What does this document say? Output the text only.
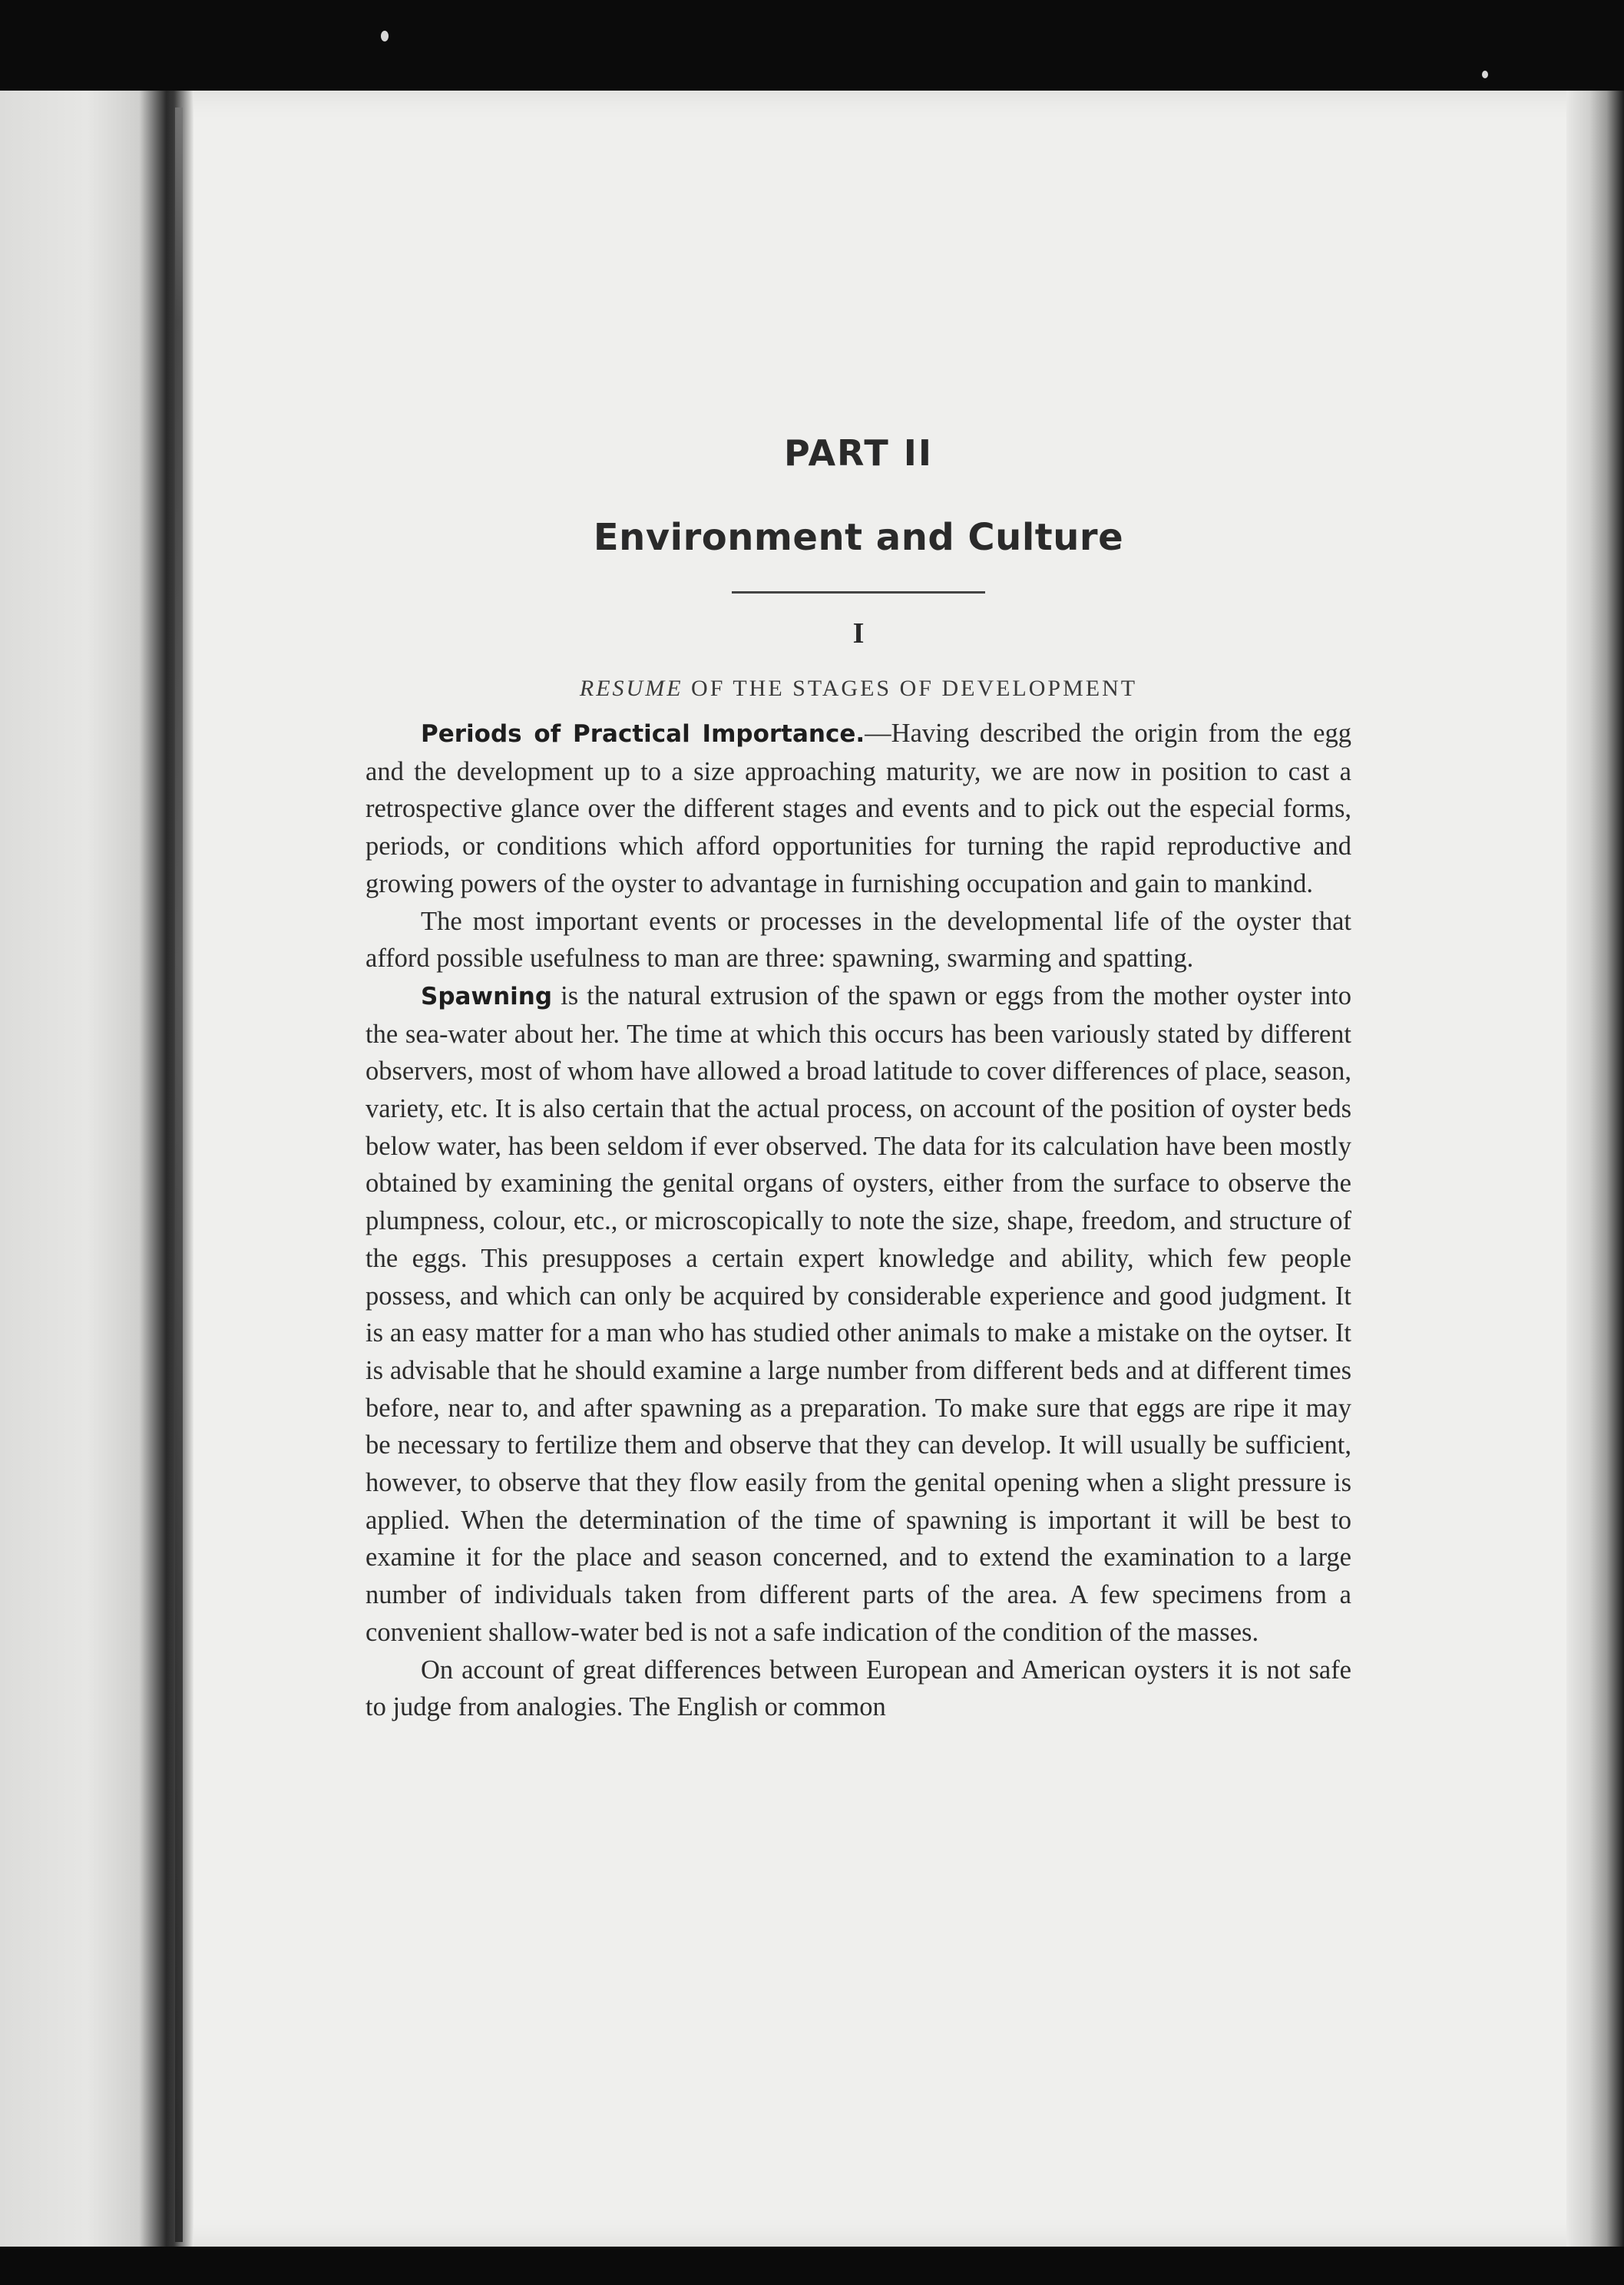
PART II
Environment and Culture
I
RESUME OF THE STAGES OF DEVELOPMENT

Periods of Practical Importance.—Having described the origin from the egg and the development up to a size approaching maturity, we are now in position to cast a retrospective glance over the different stages and events and to pick out the especial forms, periods, or conditions which afford opportunities for turning the rapid reproductive and growing powers of the oyster to advantage in furnishing occupation and gain to mankind.

The most important events or processes in the developmental life of the oyster that afford possible usefulness to man are three: spawning, swarming and spatting.

Spawning is the natural extrusion of the spawn or eggs from the mother oyster into the sea-water about her. The time at which this occurs has been variously stated by different observers, most of whom have allowed a broad latitude to cover differences of place, season, variety, etc. It is also certain that the actual process, on account of the position of oyster beds below water, has been seldom if ever observed. The data for its calculation have been mostly obtained by examining the genital organs of oysters, either from the surface to observe the plumpness, colour, etc., or microscopically to note the size, shape, freedom, and structure of the eggs. This presupposes a certain expert knowledge and ability, which few people possess, and which can only be acquired by considerable experience and good judgment. It is an easy matter for a man who has studied other animals to make a mistake on the oytser. It is advisable that he should examine a large number from different beds and at different times before, near to, and after spawning as a preparation. To make sure that eggs are ripe it may be necessary to fertilize them and observe that they can develop. It will usually be sufficient, however, to observe that they flow easily from the genital opening when a slight pressure is applied. When the determination of the time of spawning is important it will be best to examine it for the place and season concerned, and to extend the examination to a large number of individuals taken from different parts of the area. A few specimens from a convenient shallow-water bed is not a safe indication of the condition of the masses.

On account of great differences between European and American oysters it is not safe to judge from analogies. The English or common
